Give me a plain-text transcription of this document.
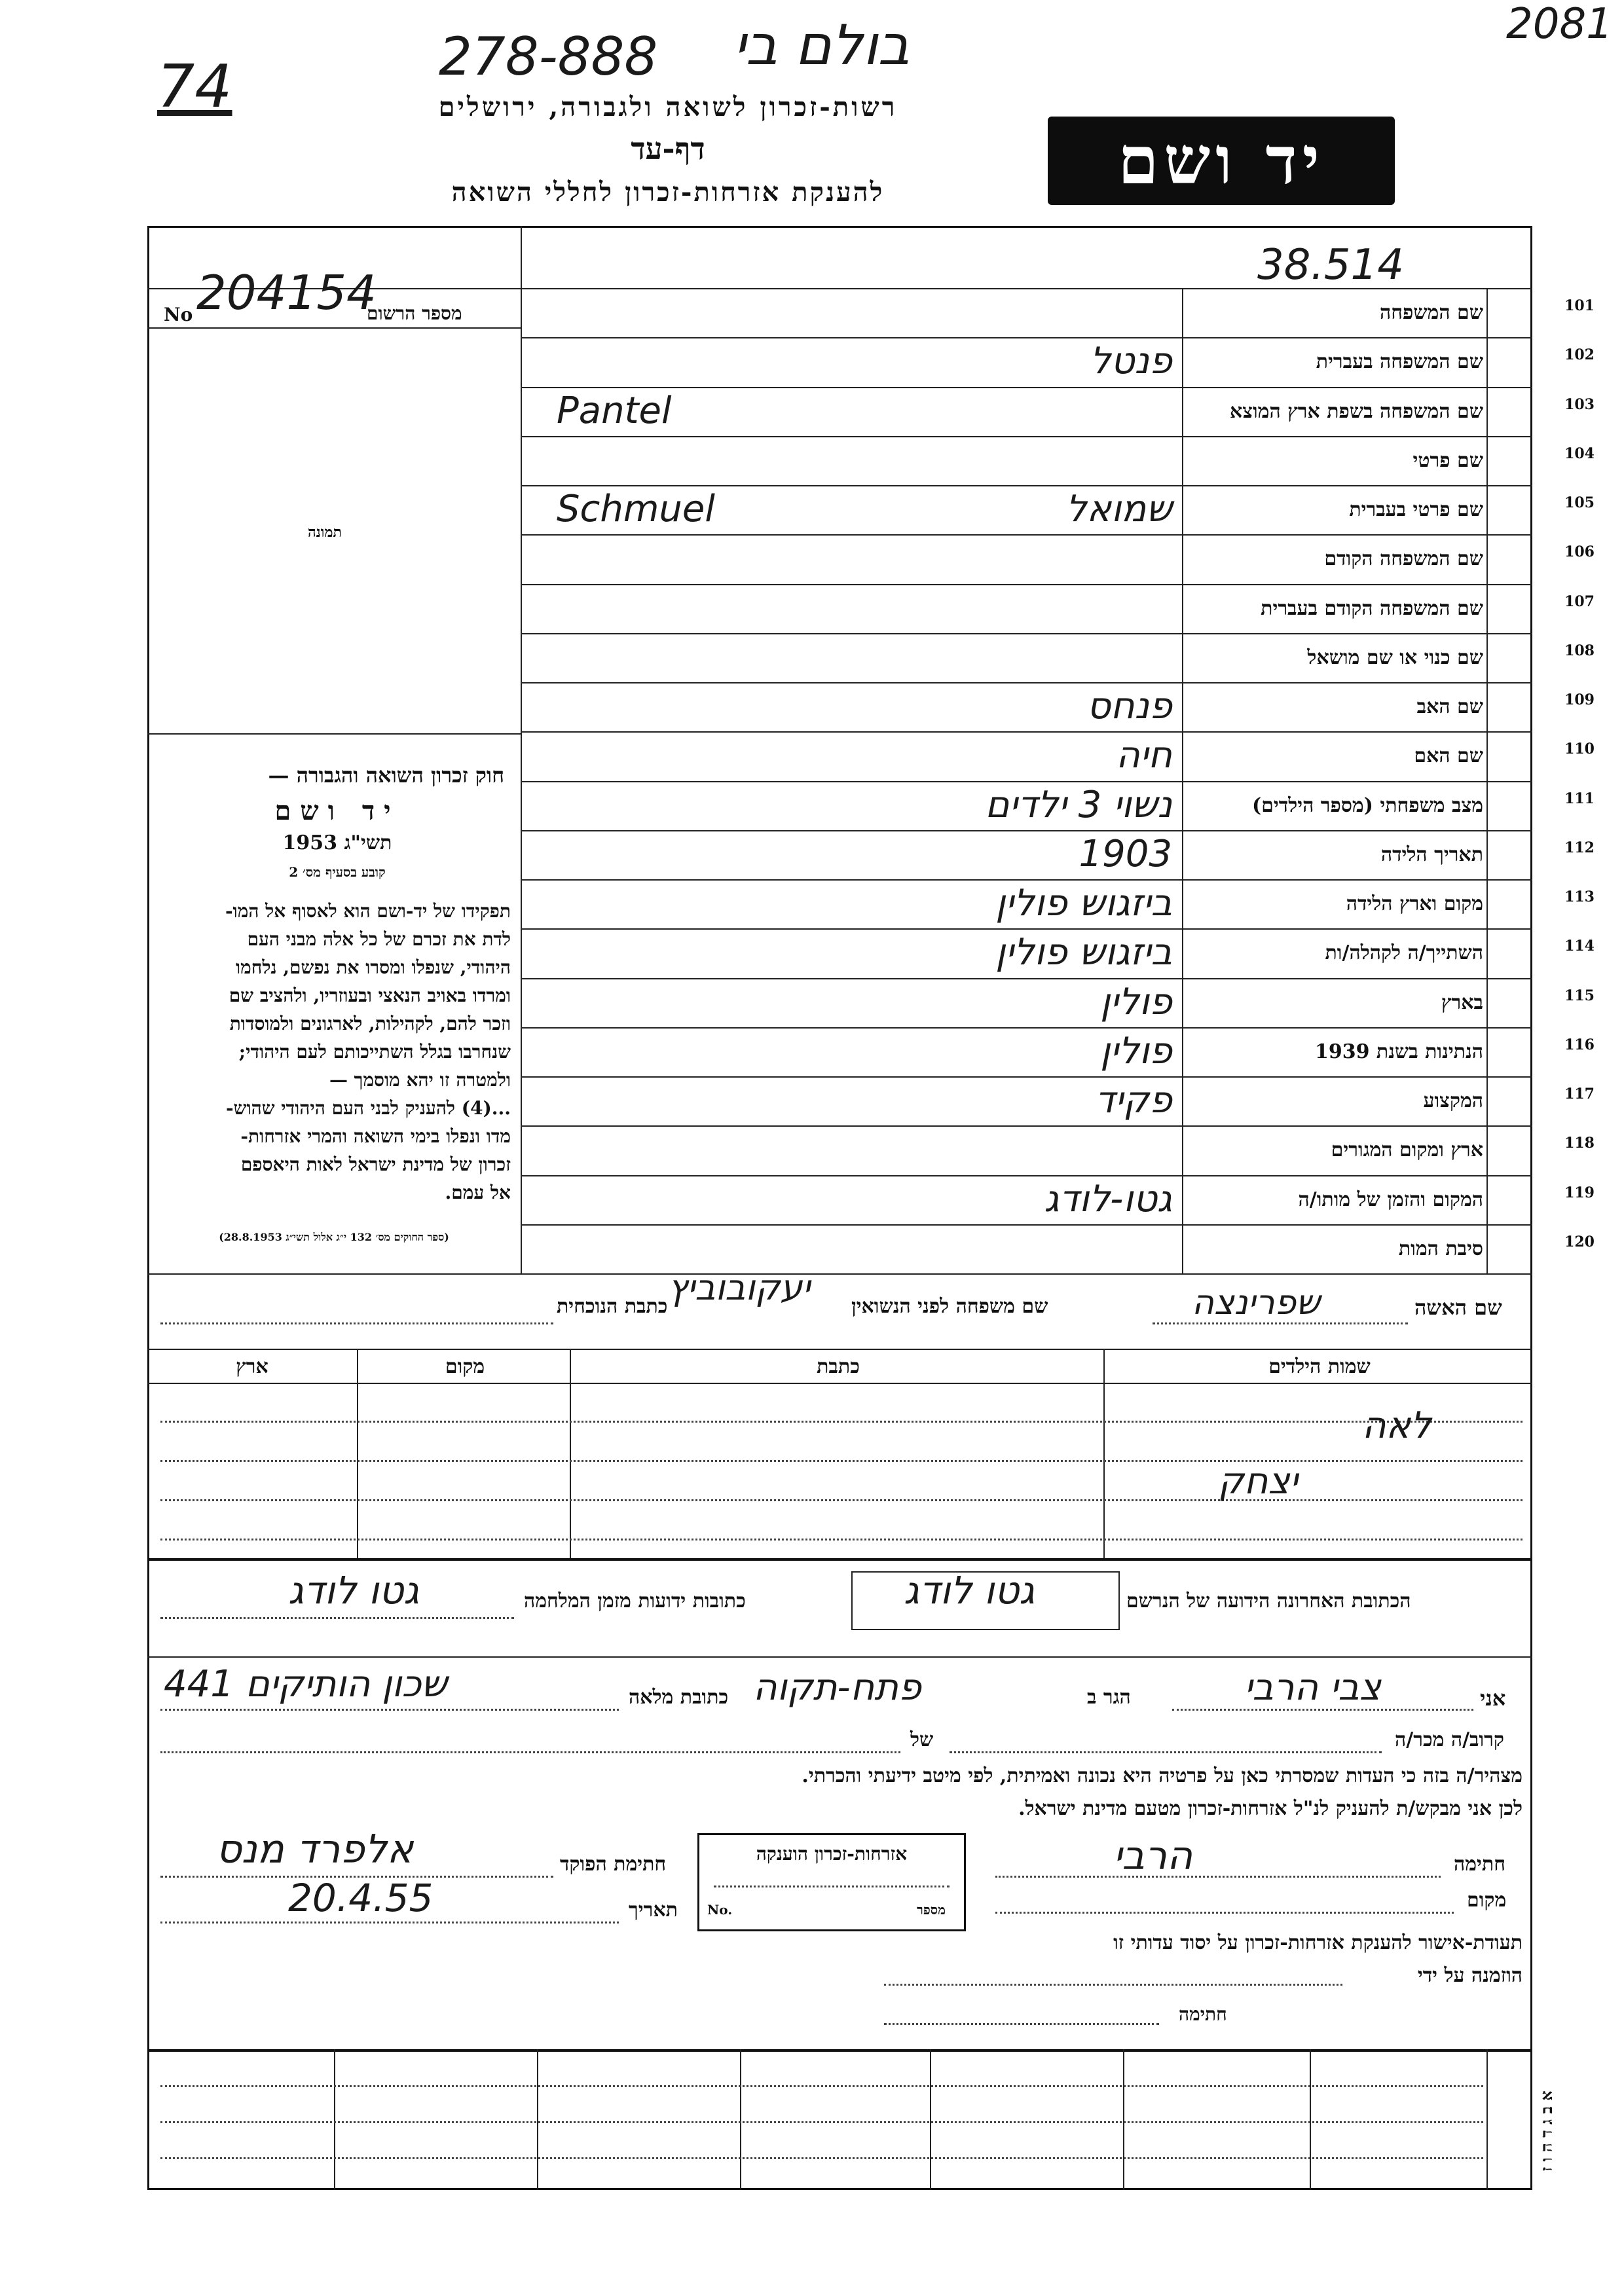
278-888 בולם בי
74
2081
רשות-זכרון לשואה ולגבורה, ירושלים
דף-עד
להענקת אזרחות-זכרון לחללי השואה	יד ושם
38.514
מספר הרשום
No 204154
תמונה
חוק זכרון השואה והגבורה —
יד ושם
תשי"ג 1953
קובע בסעיף מס׳ 2
תפקידו של יד-ושם הוא לאסוף אל המו-
לדת את זכרם של כל אלה מבני העם
היהודי, שנפלו ומסרו את נפשם, נלחמו
ומרדו באויב הנאצי ובעוזריו, ולהציב שם
וזכר להם, לקהילות, לארגונים ולמוסדות
שנחרבו בגלל השתייכותם לעם היהודי;
ולמטרה זו יהא מוסמך —
...(4) להעניק לבני העם היהודי שהוש-
מדו ונפלו בימי השואה והמרי אזרחות-
זכרון של מדינת ישראל לאות היאספם
אל עמם.
(ספר החוקים מס׳ 132 י״ג אלול תשי״ג 28.8.1953)
101
שם המשפחה
102
שם המשפחה בעברית
פנטל
103
שם המשפחה בשפת ארץ המוצא
Pantel
104
שם פרטי
105
שם פרטי בעברית
שמואל
Schmuel
106
שם המשפחה הקודם
107
שם המשפחה הקודם בעברית
108
שם כנוי או שם מושאל
109
שם האב
פנחס
110
שם האם
חיה
111
מצב משפחתי (מספר הילדים)
נשוי 3 ילדים
112
תאריך הלידה
1903
113
מקום וארץ הלידה
ביזגוש פולין
114
השתייך/ה לקהלה/ות
ביזגוש פולין
115
בארץ
פולין
116
הנתינות בשנת 1939
פולין
117
המקצוע
פקיד
118
ארץ ומקום המגורים
119
המקום והזמן של מותו/ה
גטו-לודג
120
סיבת המות
שם האשה
שפרינצה
שם משפחה לפני הנשואין
יעקובוביץ
כתבת הנוכחית
שמות הילדים
כתבת
מקום
ארץ
לאה
יצחק
הכתובת האחרונה הידועה של הנרשם
גטו לודג
כתובות ידועות מזמן המלחמה
גטו לודג
אני
צבי הרבי
הגר ב
פתח-תקוה
כתובת מלאה
שכון הותיקים 441
קרוב/ה מכר/ה
של
מצהיר/ה בזה כי העדות שמסרתי כאן על פרטיה היא נכונה ואמיתית, לפי מיטב ידיעתי והכרתי.
לכן אני מבקש/ת להעניק לנ"ל אזרחות-זכרון מטעם מדינת ישראל.
חתימה
הרבי
מקום
אזרחות-זכרון הוענקה
מספר
No.
חתימת הפוקד
אלפרד מנס
תאריך
20.4.55
תעודת-אישור להענקת אזרחות-זכרון על יסוד עדותי זו
הוזמנה על ידי
חתימה
א ב ג ד ה ו ז
